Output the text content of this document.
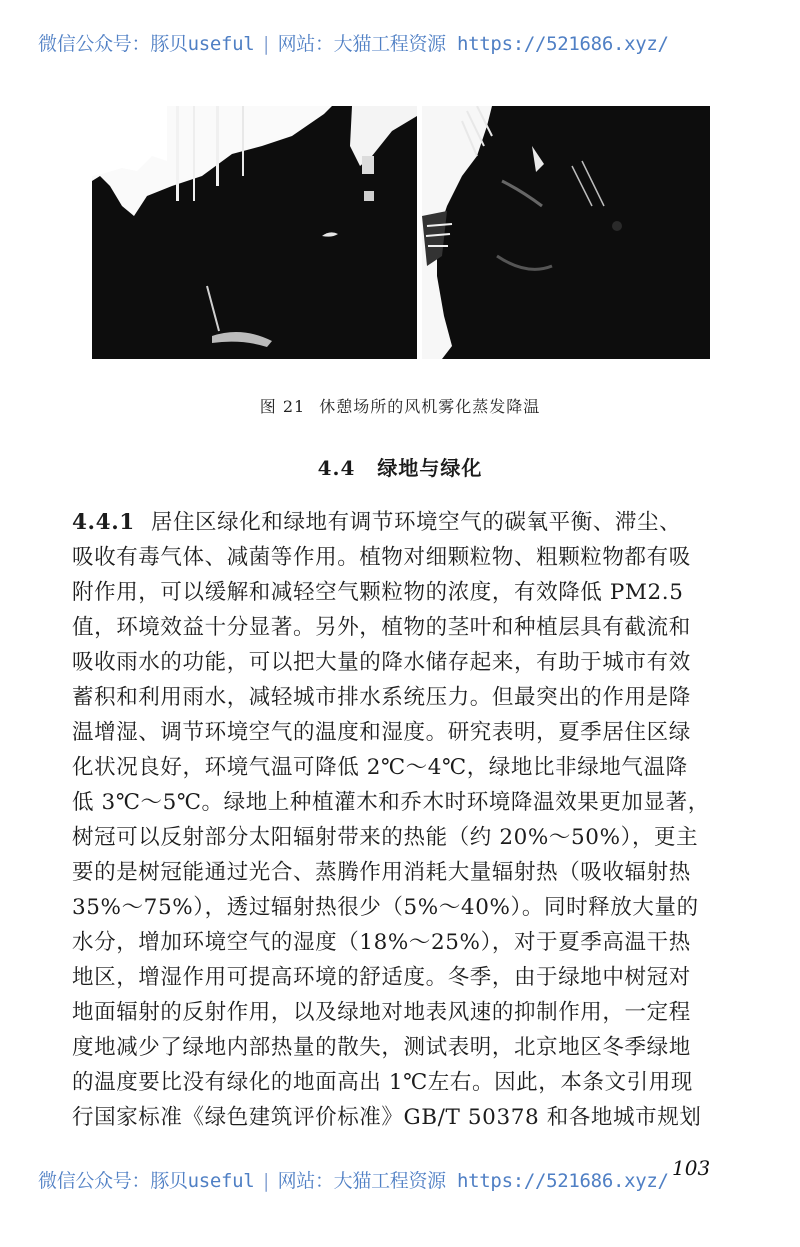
微信公众号：豚贝useful | 网站：大猫工程资源 https://521686.xyz/
图 21 休憩场所的风机雾化蒸发降温
4.4 绿地与绿化
4.4.1 居住区绿化和绿地有调节环境空气的碳氧平衡、滞尘、
吸收有毒气体、减菌等作用。植物对细颗粒物、粗颗粒物都有吸
附作用，可以缓解和减轻空气颗粒物的浓度，有效降低 PM2.5
值，环境效益十分显著。另外，植物的茎叶和种植层具有截流和
吸收雨水的功能，可以把大量的降水储存起来，有助于城市有效
蓄积和利用雨水，减轻城市排水系统压力。但最突出的作用是降
温增湿、调节环境空气的温度和湿度。研究表明，夏季居住区绿
化状况良好，环境气温可降低 2℃～4℃，绿地比非绿地气温降
低 3℃～5℃。绿地上种植灌木和乔木时环境降温效果更加显著，
树冠可以反射部分太阳辐射带来的热能（约 20%～50%），更主
要的是树冠能通过光合、蒸腾作用消耗大量辐射热（吸收辐射热
35%～75%），透过辐射热很少（5%～40%）。同时释放大量的
水分，增加环境空气的湿度（18%～25%），对于夏季高温干热
地区，增湿作用可提高环境的舒适度。冬季，由于绿地中树冠对
地面辐射的反射作用，以及绿地对地表风速的抑制作用，一定程
度地减少了绿地内部热量的散失，测试表明，北京地区冬季绿地
的温度要比没有绿化的地面高出 1℃左右。因此，本条文引用现
行国家标准《绿色建筑评价标准》GB/T 50378 和各地城市规划
103
微信公众号：豚贝useful | 网站：大猫工程资源 https://521686.xyz/
